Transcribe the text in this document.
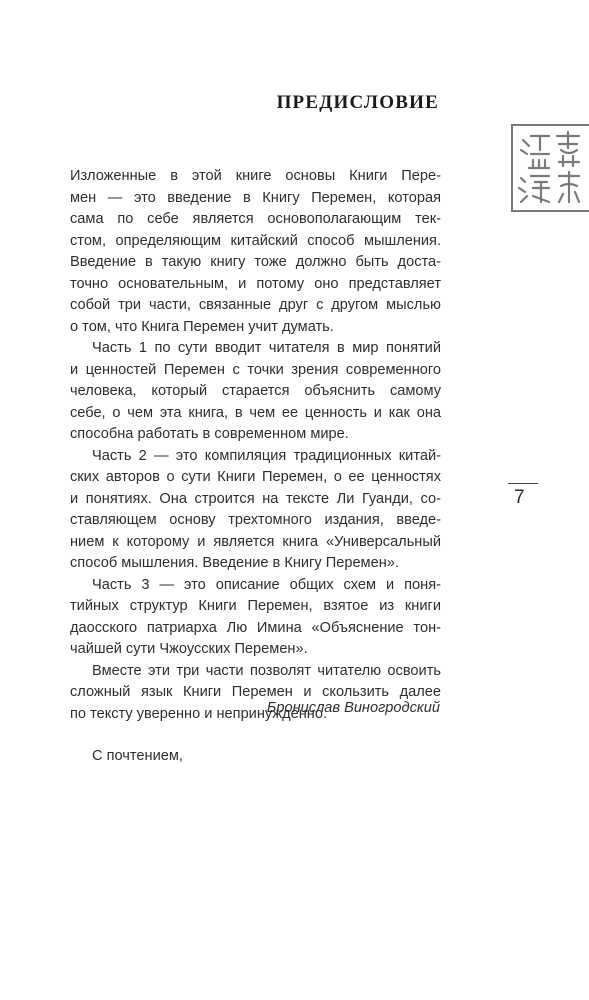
ПРЕДИСЛОВИЕ
Изложенные в этой книге основы Книги Пере-
мен — это введение в Книгу Перемен, которая
сама по себе является основополагающим тек-
стом, определяющим китайский способ мышления.
Введение в такую книгу тоже должно быть доста-
точно основательным, и потому оно представляет
собой три части, связанные друг с другом мыслью
о том, что Книга Перемен учит думать.
Часть 1 по сути вводит читателя в мир понятий
и ценностей Перемен с точки зрения современного
человека, который старается объяснить самому
себе, о чем эта книга, в чем ее ценность и как она
способна работать в современном мире.
Часть 2 — это компиляция традиционных китай-
ских авторов о сути Книги Перемен, о ее ценностях
и понятиях. Она строится на тексте Ли Гуанди, со-
ставляющем основу трехтомного издания, введе-
нием к которому и является книга «Универсальный
способ мышления. Введение в Книгу Перемен».
Часть 3 — это описание общих схем и поня-
тийных структур Книги Перемен, взятое из книги
даосского патриарха Лю Имина «Объяснение тон-
чайшей сути Чжоусских Перемен».
Вместе эти три части позволят читателю освоить
сложный язык Книги Перемен и скользить далее
по тексту уверенно и непринужденно.
С почтением,
Бронислав Виногродский
7
